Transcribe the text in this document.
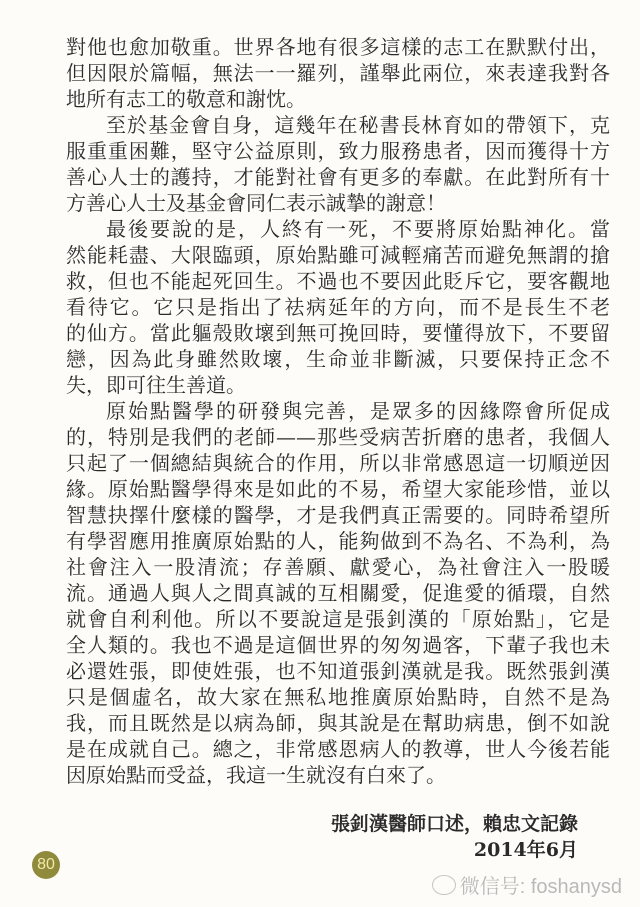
對他也愈加敬重。世界各地有很多這樣的志工在默默付出，
但因限於篇幅，無法一一羅列，謹舉此兩位，來表達我對各
地所有志工的敬意和謝忱。
至於基金會自身，這幾年在秘書長林育如的帶領下，克
服重重困難，堅守公益原則，致力服務患者，因而獲得十方
善心人士的護持，才能對社會有更多的奉獻。在此對所有十
方善心人士及基金會同仁表示誠摯的謝意！
最後要說的是，人終有一死，不要將原始點神化。當
然能耗盡、大限臨頭，原始點雖可減輕痛苦而避免無謂的搶
救，但也不能起死回生。不過也不要因此貶斥它，要客觀地
看待它。它只是指出了祛病延年的方向，而不是長生不老
的仙方。當此軀殼敗壞到無可挽回時，要懂得放下，不要留
戀，因為此身雖然敗壞，生命並非斷滅，只要保持正念不
失，即可往生善道。
原始點醫學的研發與完善，是眾多的因緣際會所促成
的，特別是我們的老師——那些受病苦折磨的患者，我個人
只起了一個總結與統合的作用，所以非常感恩這一切順逆因
緣。原始點醫學得來是如此的不易，希望大家能珍惜，並以
智慧抉擇什麼樣的醫學，才是我們真正需要的。同時希望所
有學習應用推廣原始點的人，能夠做到不為名、不為利，為
社會注入一股清流；存善願、獻愛心，為社會注入一股暖
流。通過人與人之間真誠的互相關愛，促進愛的循環，自然
就會自利利他。所以不要說這是張釗漢的「原始點」，它是
全人類的。我也不過是這個世界的匆匆過客，下輩子我也未
必還姓張，即使姓張，也不知道張釗漢就是我。既然張釗漢
只是個虛名，故大家在無私地推廣原始點時，自然不是為
我，而且既然是以病為師，與其說是在幫助病患，倒不如說
是在成就自己。總之，非常感恩病人的教導，世人今後若能
因原始點而受益，我這一生就沒有白來了。
張釗漢醫師口述，賴忠文記錄
2014年6月
80
微信号: foshanysd
